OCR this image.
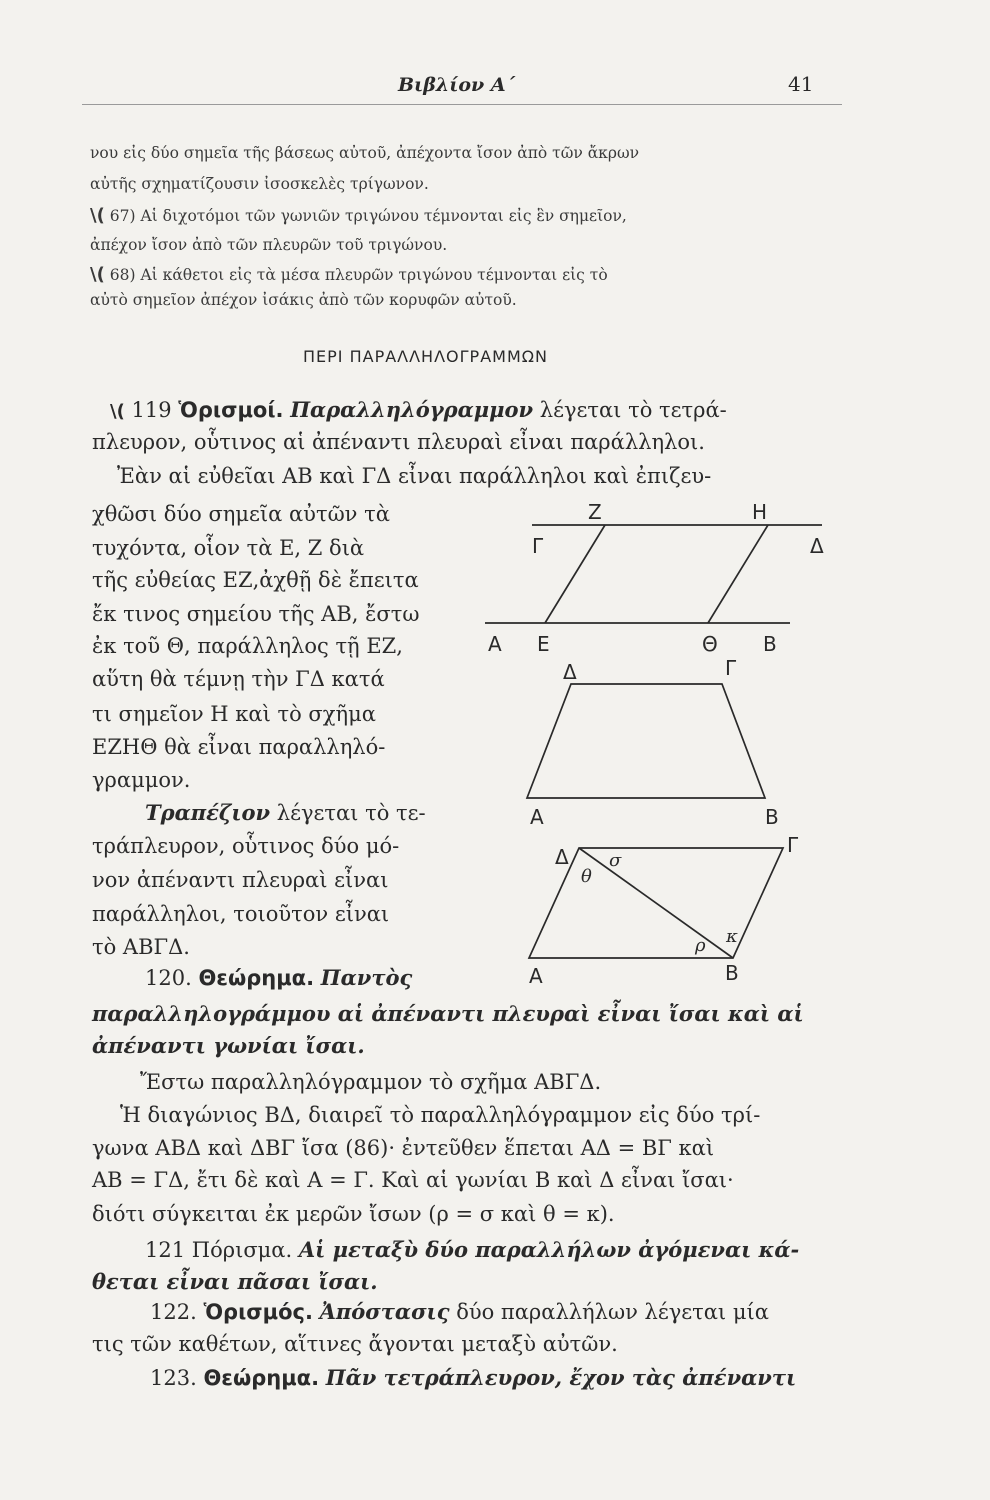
Βιβλίον Α΄	41
νου εἰς δύο σημεῖα τῆς βάσεως αὐτοῦ, ἀπέχοντα ἴσον ἀπὸ τῶν ἄκρων
αὐτῆς σχηματίζουσιν ἰσοσκελὲς τρίγωνον.
\( 67) Αἱ διχοτόμοι τῶν γωνιῶν τριγώνου τέμνονται εἰς ἓν σημεῖον,
ἀπέχον ἴσον ἀπὸ τῶν πλευρῶν τοῦ τριγώνου.
\( 68) Αἱ κάθετοι εἰς τὰ μέσα πλευρῶν τριγώνου τέμνονται εἰς τὸ
αὐτὸ σημεῖον ἀπέχον ἰσάκις ἀπὸ τῶν κορυφῶν αὐτοῦ.
ΠΕΡΙ ΠΑΡΑΛΛΗΛΟΓΡΑΜΜΩΝ
\( 119 Ὁρισμοί. Παραλληλόγραμμον λέγεται τὸ τετρά-
πλευρον, οὗτινος αἱ ἀπέναντι πλευραὶ εἶναι παράλληλοι.
Ἐὰν αἱ εὐθεῖαι ΑΒ καὶ ΓΔ εἶναι παράλληλοι καὶ ἐπιζευ-
χθῶσι δύο σημεῖα αὐτῶν τὰ
τυχόντα, οἷον τὰ Ε, Ζ διὰ
τῆς εὐθείας ΕΖ,ἀχθῇ δὲ ἔπειτα
ἔκ τινος σημείου τῆς ΑΒ, ἔστω
ἐκ τοῦ Θ, παράλληλος τῇ ΕΖ,
αὕτη θὰ τέμνῃ τὴν ΓΔ κατά
τι σημεῖον Η καὶ τὸ σχῆμα
ΕΖΗΘ θὰ εἶναι παραλληλό-
γραμμον.
Τραπέζιον λέγεται τὸ τε-
τράπλευρον, οὗτινος δύο μό-
νον ἀπέναντι πλευραὶ εἶναι
παράλληλοι, τοιοῦτον εἶναι
τὸ ΑΒΓΔ.
120. Θεώρημα. Παντὸς
παραλληλογράμμου αἱ ἀπέναντι πλευραὶ εἶναι ἴσαι καὶ αἱ
ἀπέναντι γωνίαι ἴσαι.
Ἔστω παραλληλόγραμμον τὸ σχῆμα ΑΒΓΔ.
Ἡ διαγώνιος ΒΔ, διαιρεῖ τὸ παραλληλόγραμμον εἰς δύο τρί-
γωνα ΑΒΔ καὶ ΔΒΓ ἴσα (86)· ἐντεῦθεν ἕπεται ΑΔ = ΒΓ καὶ
ΑΒ = ΓΔ, ἔτι δὲ καὶ Α = Γ. Καὶ αἱ γωνίαι Β καὶ Δ εἶναι ἴσαι·
διότι σύγκειται ἐκ μερῶν ἴσων (ρ = σ καὶ θ = κ).
121 Πόρισμα. Αἱ μεταξὺ δύο παραλλήλων ἀγόμεναι κά-
θεται εἶναι πᾶσαι ἴσαι.
122. Ὁρισμός. Ἀπόστασις δύο παραλλήλων λέγεται μία
τις τῶν καθέτων, αἵτινες ἄγονται μεταξὺ αὐτῶν.
123. Θεώρημα. Πᾶν τετράπλευρον, ἔχον τὰς ἀπέναντι
Z	H
Γ	Δ
Α Ε	Θ Β
Δ	Γ
Α	Β
Δ	Γ
Α	Β
σ
θ
ρ κ
